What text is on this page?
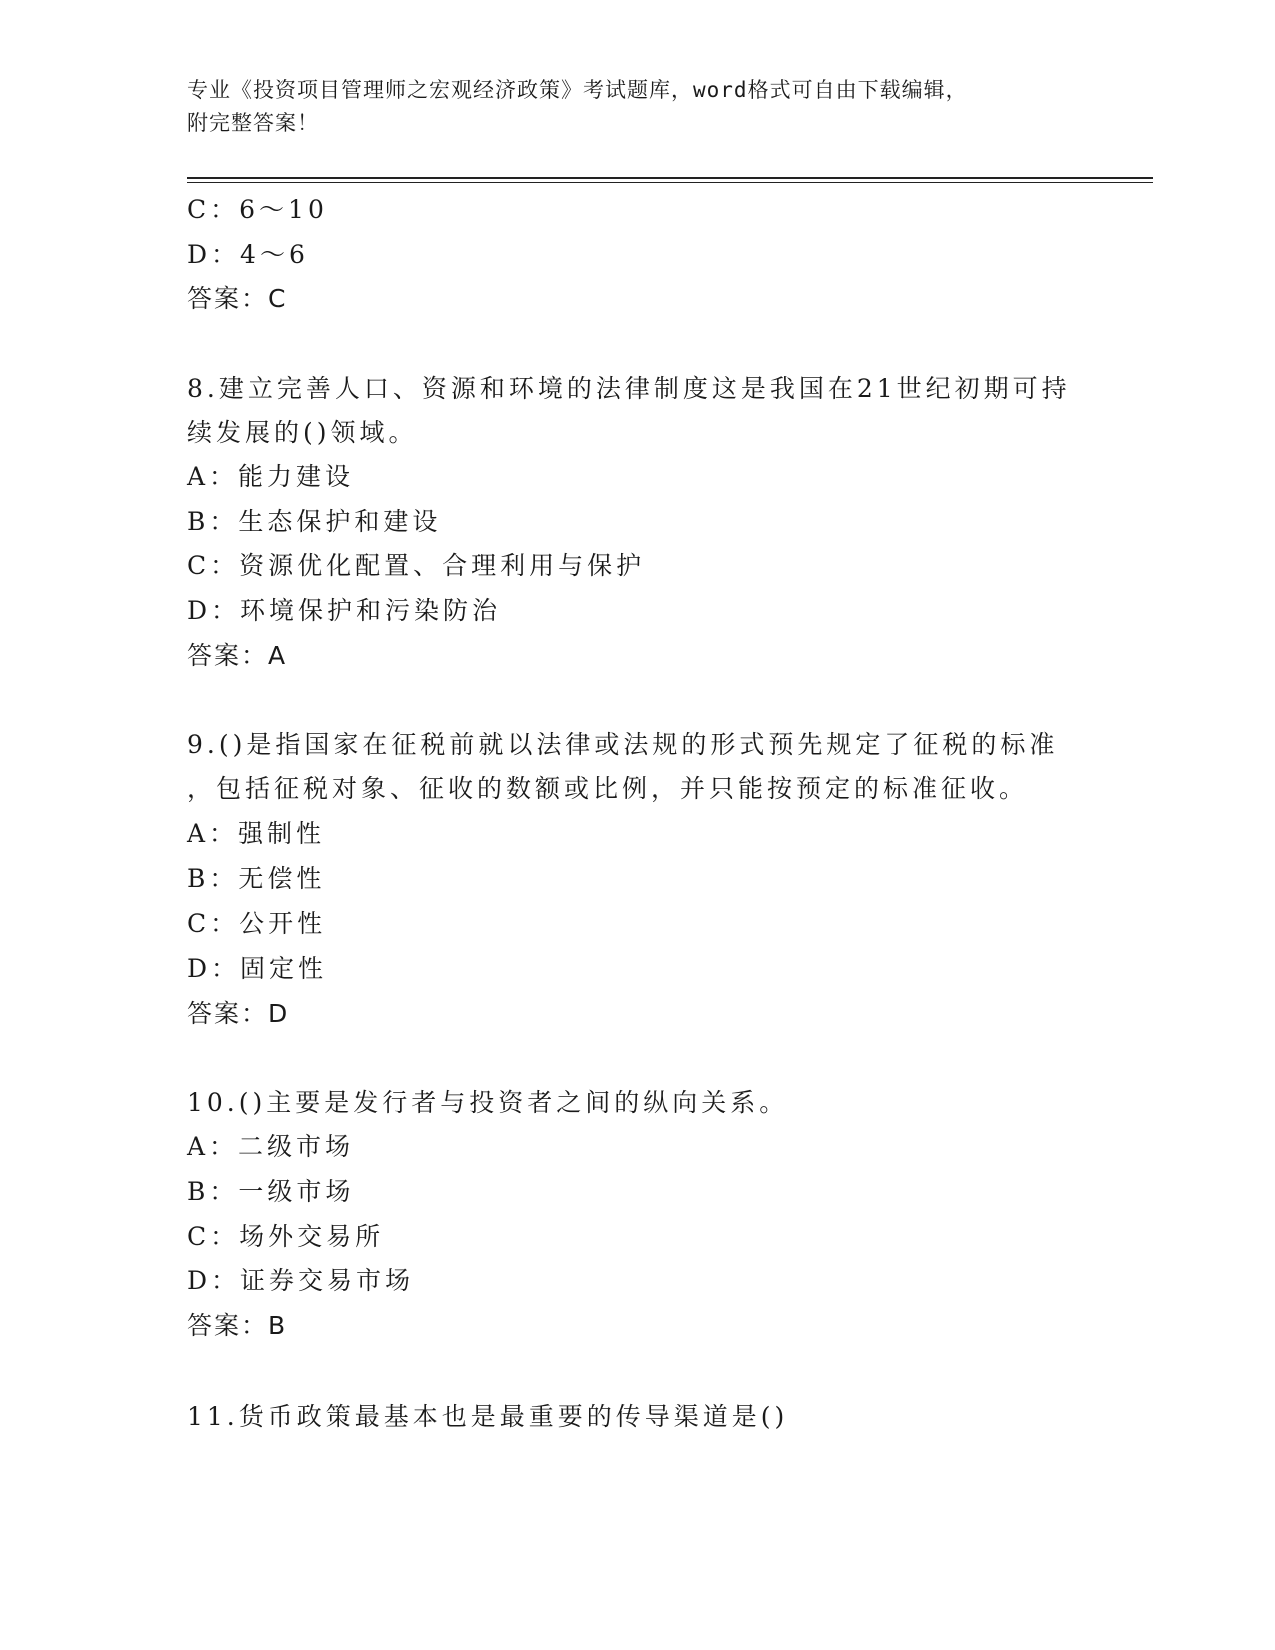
专业《投资项目管理师之宏观经济政策》考试题库，word格式可自由下载编辑，
附完整答案！
C：6～10
D：4～6
答案：C
8.建立完善人口、资源和环境的法律制度这是我国在21世纪初期可持
续发展的()领域。
A：能力建设
B：生态保护和建设
C：资源优化配置、合理利用与保护
D：环境保护和污染防治
答案：A
9.()是指国家在征税前就以法律或法规的形式预先规定了征税的标准
，包括征税对象、征收的数额或比例，并只能按预定的标准征收。
A：强制性
B：无偿性
C：公开性
D：固定性
答案：D
10.()主要是发行者与投资者之间的纵向关系。
A：二级市场
B：一级市场
C：场外交易所
D：证券交易市场
答案：B
11.货币政策最基本也是最重要的传导渠道是()
